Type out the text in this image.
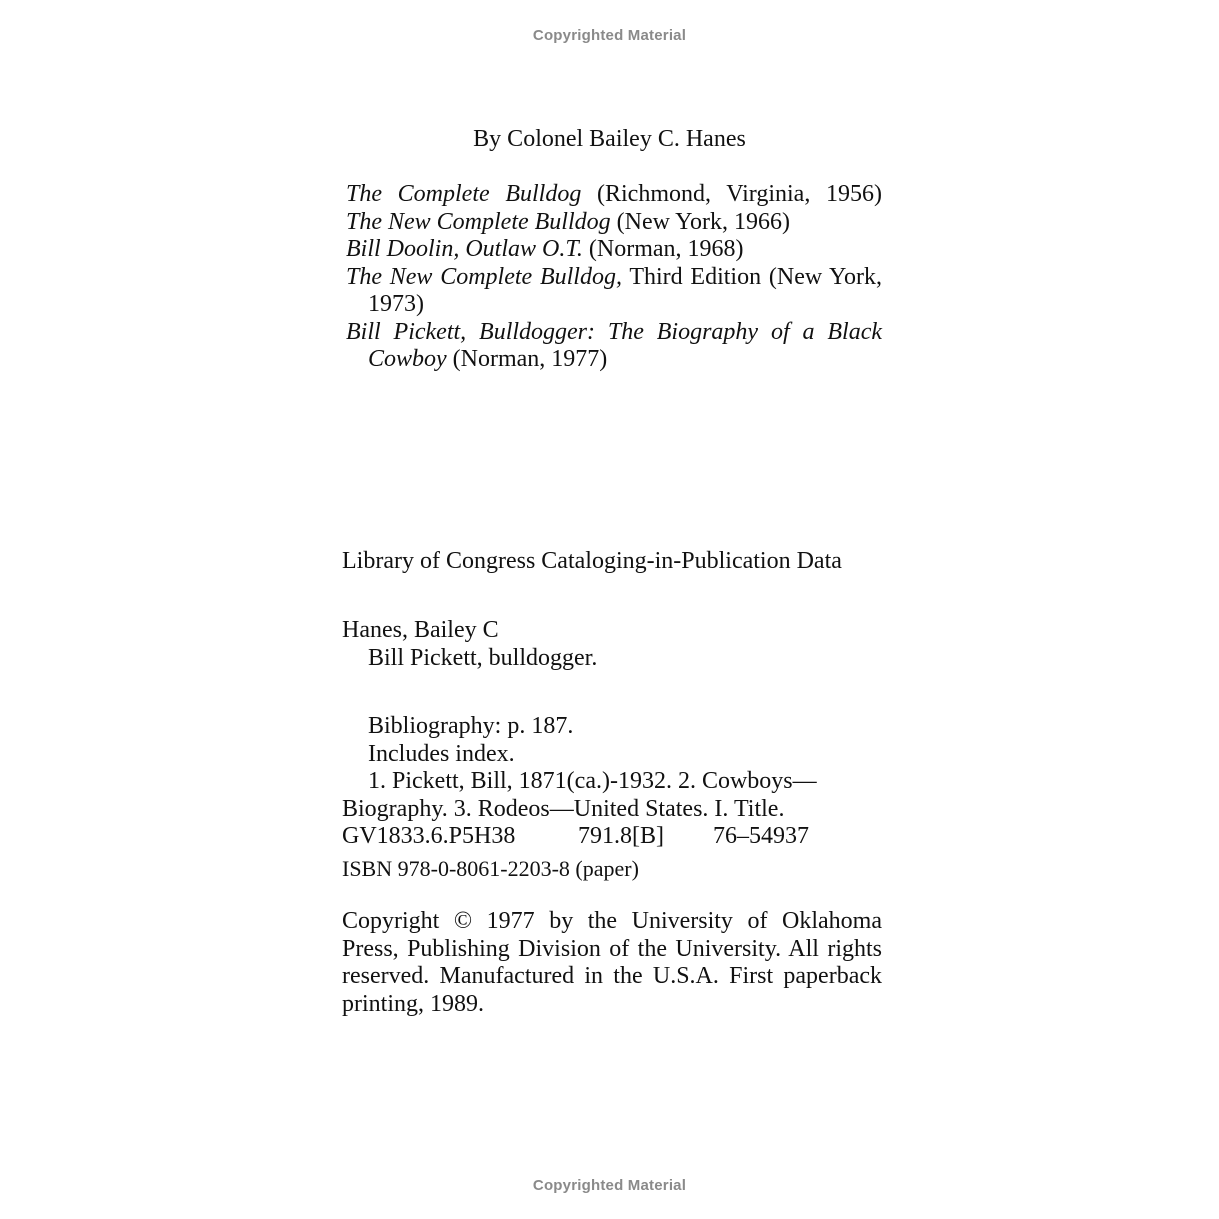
Copyrighted Material
By Colonel Bailey C. Hanes
The Complete Bulldog (Richmond, Virginia, 1956)
The New Complete Bulldog (New York, 1966)
Bill Doolin, Outlaw O.T. (Norman, 1968)
The New Complete Bulldog, Third Edition (New York, 1973)
Bill Pickett, Bulldogger: The Biography of a Black Cowboy (Norman, 1977)
Library of Congress Cataloging-in-Publication Data
Hanes, Bailey C
Bill Pickett, bulldogger.
Bibliography: p. 187.
Includes index.
1. Pickett, Bill, 1871(ca.)-1932. 2. Cowboys—
Biography. 3. Rodeos—United States. I. Title.
GV1833.6.P5H38	791.8[B] 76–54937
ISBN 978-0-8061-2203-8 (paper)
Copyright © 1977 by the University of Oklahoma Press, Publishing Division of the University. All rights reserved. Manufactured in the U.S.A. First paperback printing, 1989.
Copyrighted Material
